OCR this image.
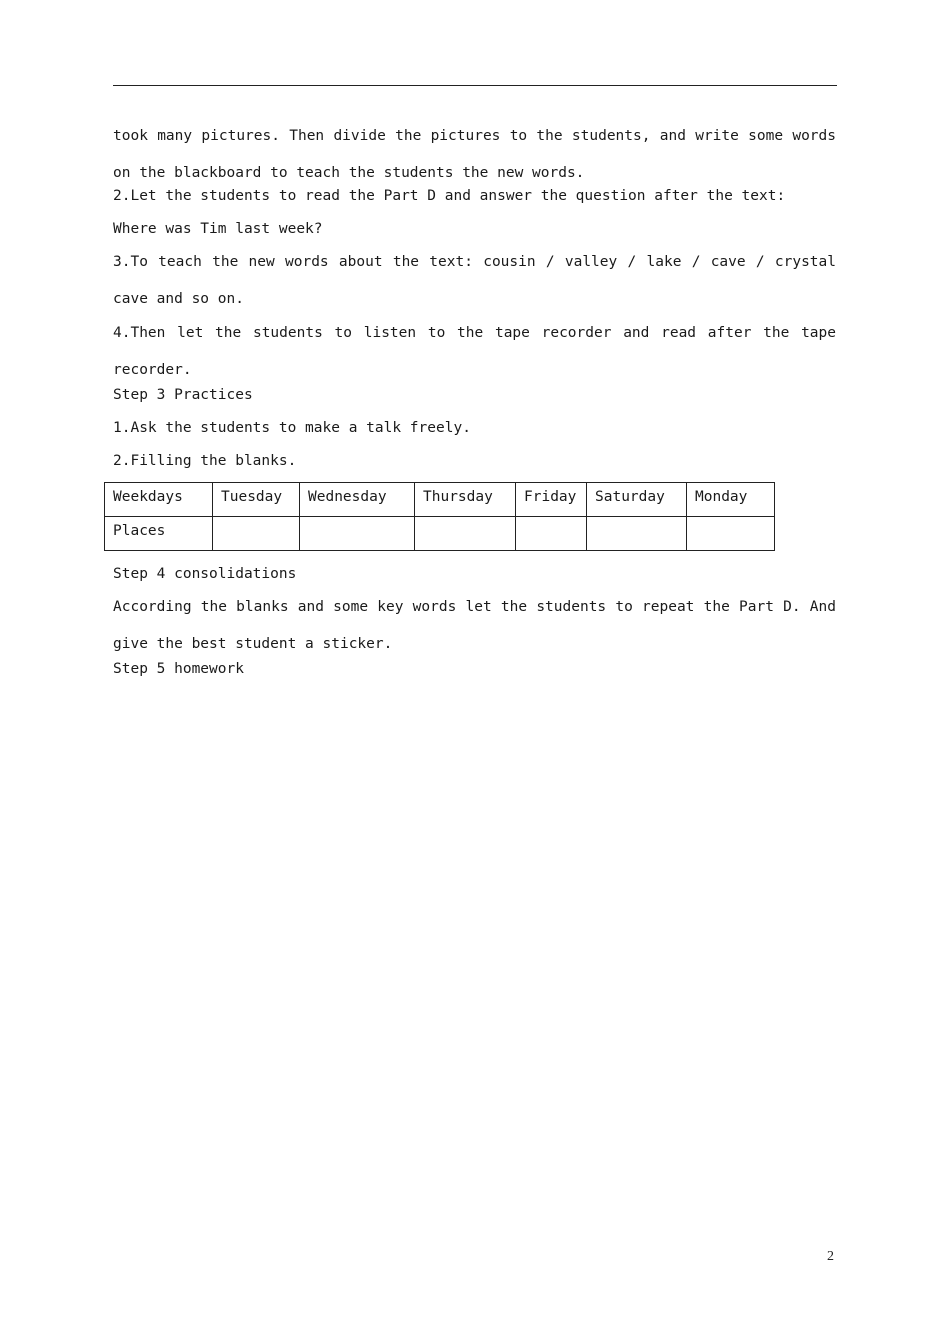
took many pictures. Then divide the pictures to the students, and write some words on the blackboard to teach the students the new words.

2.Let the students to read the Part D and answer the question after the text:

Where was Tim last week?

3.To teach the new words about the text: cousin / valley / lake / cave / crystal cave and so on.

4.Then let the students to listen to the tape recorder and read after the tape recorder.

Step 3 Practices

1.Ask the students to make a talk freely.

2.Filling the blanks.

Weekdays	Tuesday	Wednesday	Thursday	Friday	Saturday	Monday
Places						

Step 4 consolidations

According the blanks and some key words let the students to repeat the Part D. And give the best student a sticker.

Step 5 homework

2
